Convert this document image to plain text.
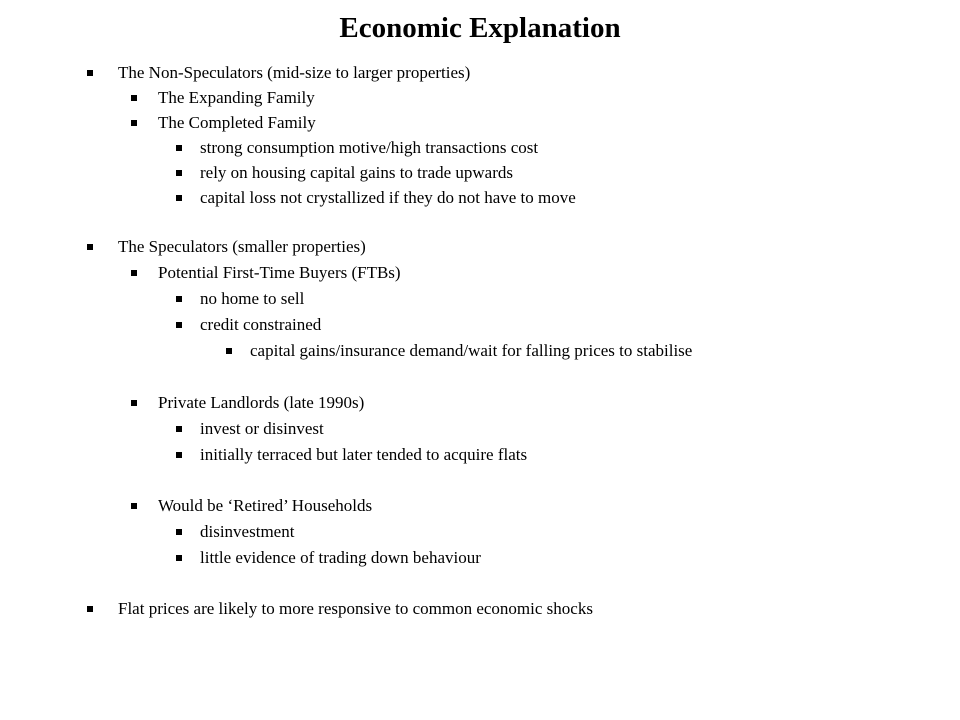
Economic Explanation
The Non-Speculators (mid-size to larger properties)
The Expanding Family
The Completed Family
strong consumption motive/high transactions cost
rely on housing capital gains to trade upwards
capital loss not crystallized if they do not have to move
The Speculators (smaller properties)
Potential First-Time Buyers (FTBs)
no home to sell
credit constrained
capital gains/insurance demand/wait for falling prices to stabilise
Private Landlords (late 1990s)
invest or disinvest
initially terraced but later tended to acquire flats
Would be ‘Retired’ Households
disinvestment
little evidence of trading down behaviour
Flat prices are likely to more responsive to common economic shocks
